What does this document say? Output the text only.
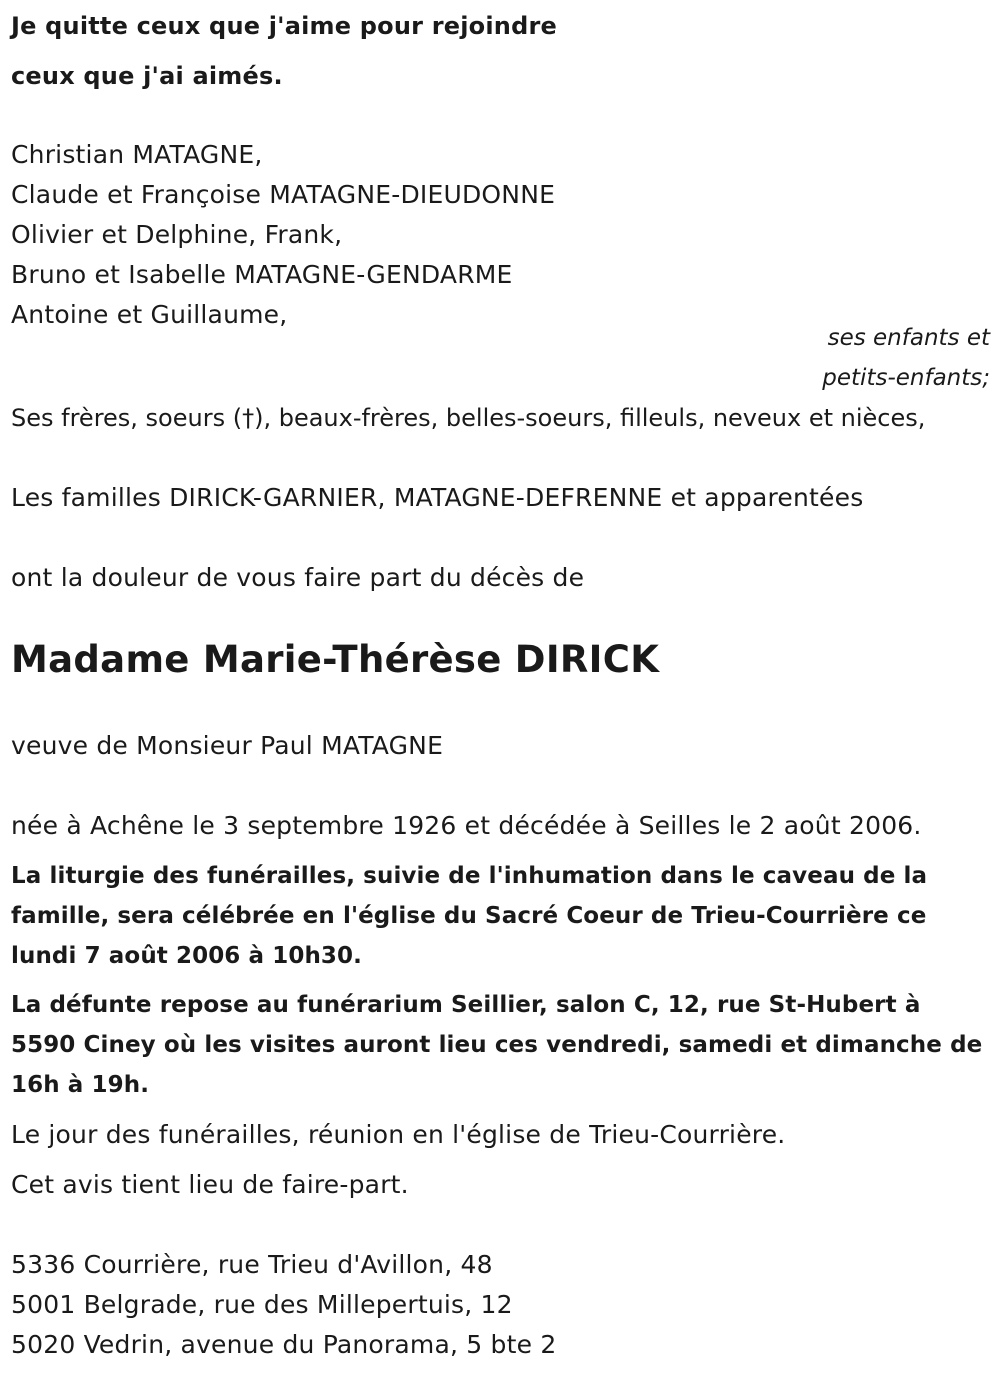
Je quitte ceux que j'aime pour rejoindre
ceux que j'ai aimés.
Christian MATAGNE,
Claude et Françoise MATAGNE-DIEUDONNE
Olivier et Delphine, Frank,
Bruno et Isabelle MATAGNE-GENDARME
Antoine et Guillaume,
ses enfants et
petits-enfants;
Ses frères, soeurs (†), beaux-frères, belles-soeurs, filleuls, neveux et nièces,
Les familles DIRICK-GARNIER, MATAGNE-DEFRENNE et apparentées
ont la douleur de vous faire part du décès de
Madame Marie-Thérèse DIRICK
veuve de Monsieur Paul MATAGNE
née à Achêne le 3 septembre 1926 et décédée à Seilles le 2 août 2006.
La liturgie des funérailles, suivie de l'inhumation dans le caveau de la famille, sera célébrée en l'église du Sacré Coeur de Trieu-Courrière ce lundi 7 août 2006 à 10h30.
La défunte repose au funérarium Seillier, salon C, 12, rue St-Hubert à 5590 Ciney où les visites auront lieu ces vendredi, samedi et dimanche de 16h à 19h.
Le jour des funérailles, réunion en l'église de Trieu-Courrière.
Cet avis tient lieu de faire-part.
5336 Courrière, rue Trieu d'Avillon, 48
5001 Belgrade, rue des Millepertuis, 12
5020 Vedrin, avenue du Panorama, 5 bte 2
